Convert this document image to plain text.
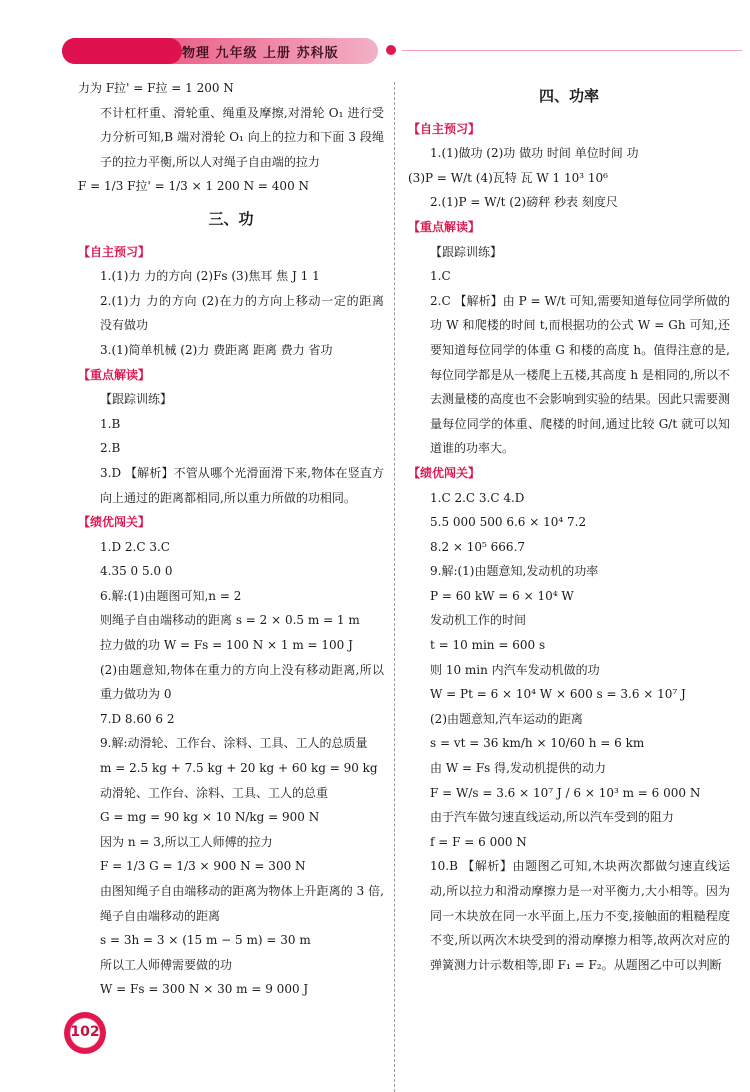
物理 九年级 上册 苏科版
力为 F拉' = F拉 = 1 200 N
不计杠杆重、滑轮重、绳重及摩擦,对滑轮 O₁ 进行受力分析可知,B 端对滑轮 O₁ 向上的拉力和下面 3 段绳子的拉力平衡,所以人对绳子自由端的拉力
F = 1/3 F拉' = 1/3 × 1 200 N = 400 N
三、功
【自主预习】
1.(1)力 力的方向 (2)Fs (3)焦耳 焦 J 1 1
2.(1)力 力的方向 (2)在力的方向上移动一定的距离 没有做功
3.(1)简单机械 (2)力 费距离 距离 费力 省功
【重点解读】
【跟踪训练】
1.B
2.B
3.D 【解析】不管从哪个光滑面滑下来,物体在竖直方向上通过的距离都相同,所以重力所做的功相同。
【绩优闯关】
1.D 2.C 3.C
4.35 0 5.0 0
6.解:(1)由题图可知,n = 2
则绳子自由端移动的距离 s = 2 × 0.5 m = 1 m
拉力做的功 W = Fs = 100 N × 1 m = 100 J
(2)由题意知,物体在重力的方向上没有移动距离,所以重力做功为 0
7.D 8.60 6 2
9.解:动滑轮、工作台、涂料、工具、工人的总质量
m = 2.5 kg + 7.5 kg + 20 kg + 60 kg = 90 kg
动滑轮、工作台、涂料、工具、工人的总重
G = mg = 90 kg × 10 N/kg = 900 N
因为 n = 3,所以工人师傅的拉力
F = 1/3 G = 1/3 × 900 N = 300 N
由图知绳子自由端移动的距离为物体上升距离的 3 倍,绳子自由端移动的距离
s = 3h = 3 × (15 m − 5 m) = 30 m
所以工人师傅需要做的功
W = Fs = 300 N × 30 m = 9 000 J
四、功率
【自主预习】
1.(1)做功 (2)功 做功 时间 单位时间 功
(3)P = W/t (4)瓦特 瓦 W 1 10³ 10⁶
2.(1)P = W/t (2)磅秤 秒表 刻度尺
【重点解读】
【跟踪训练】
1.C
2.C 【解析】由 P = W/t 可知,需要知道每位同学所做的功 W 和爬楼的时间 t,而根据功的公式 W = Gh 可知,还要知道每位同学的体重 G 和楼的高度 h。值得注意的是,每位同学都是从一楼爬上五楼,其高度 h 是相同的,所以不去测量楼的高度也不会影响到实验的结果。因此只需要测量每位同学的体重、爬楼的时间,通过比较 G/t 就可以知道谁的功率大。
【绩优闯关】
1.C 2.C 3.C 4.D
5.5 000 500 6.6 × 10⁴ 7.2
8.2 × 10⁵ 666.7
9.解:(1)由题意知,发动机的功率
P = 60 kW = 6 × 10⁴ W
发动机工作的时间
t = 10 min = 600 s
则 10 min 内汽车发动机做的功
W = Pt = 6 × 10⁴ W × 600 s = 3.6 × 10⁷ J
(2)由题意知,汽车运动的距离
s = vt = 36 km/h × 10/60 h = 6 km
由 W = Fs 得,发动机提供的动力
F = W/s = 3.6 × 10⁷ J / 6 × 10³ m = 6 000 N
由于汽车做匀速直线运动,所以汽车受到的阻力
f = F = 6 000 N
10.B 【解析】由题图乙可知,木块两次都做匀速直线运动,所以拉力和滑动摩擦力是一对平衡力,大小相等。因为同一木块放在同一水平面上,压力不变,接触面的粗糙程度不变,所以两次木块受到的滑动摩擦力相等,故两次对应的弹簧测力计示数相等,即 F₁ = F₂。从题图乙中可以判断
102
